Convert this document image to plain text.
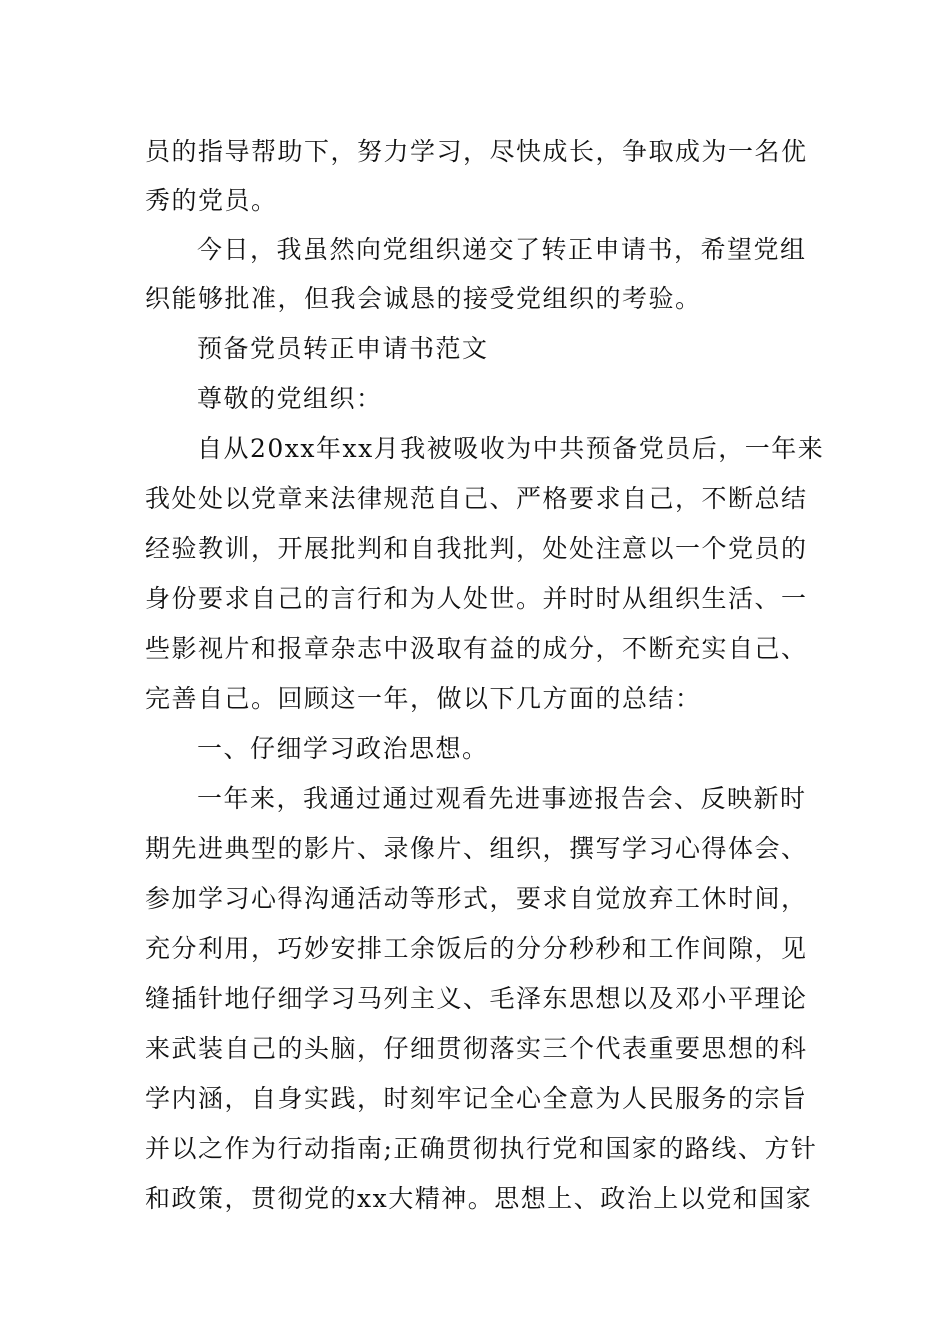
员的指导帮助下，努力学习，尽快成长，争取成为一名优
秀的党员。
今日，我虽然向党组织递交了转正申请书，希望党组
织能够批准，但我会诚恳的接受党组织的考验。
预备党员转正申请书范文
尊敬的党组织：
自从20xx年xx月我被吸收为中共预备党员后，一年来
我处处以党章来法律规范自己、严格要求自己，不断总结
经验教训，开展批判和自我批判，处处注意以一个党员的
身份要求自己的言行和为人处世。并时时从组织生活、一
些影视片和报章杂志中汲取有益的成分，不断充实自己、
完善自己。回顾这一年，做以下几方面的总结：
一、仔细学习政治思想。
一年来，我通过通过观看先进事迹报告会、反映新时
期先进典型的影片、录像片、组织，撰写学习心得体会、
参加学习心得沟通活动等形式，要求自觉放弃工休时间，
充分利用，巧妙安排工余饭后的分分秒秒和工作间隙，见
缝插针地仔细学习马列主义、毛泽东思想以及邓小平理论
来武装自己的头脑，仔细贯彻落实三个代表重要思想的科
学内涵，自身实践，时刻牢记全心全意为人民服务的宗旨
并以之作为行动指南;正确贯彻执行党和国家的路线、方针
和政策，贯彻党的xx大精神。思想上、政治上以党和国家
